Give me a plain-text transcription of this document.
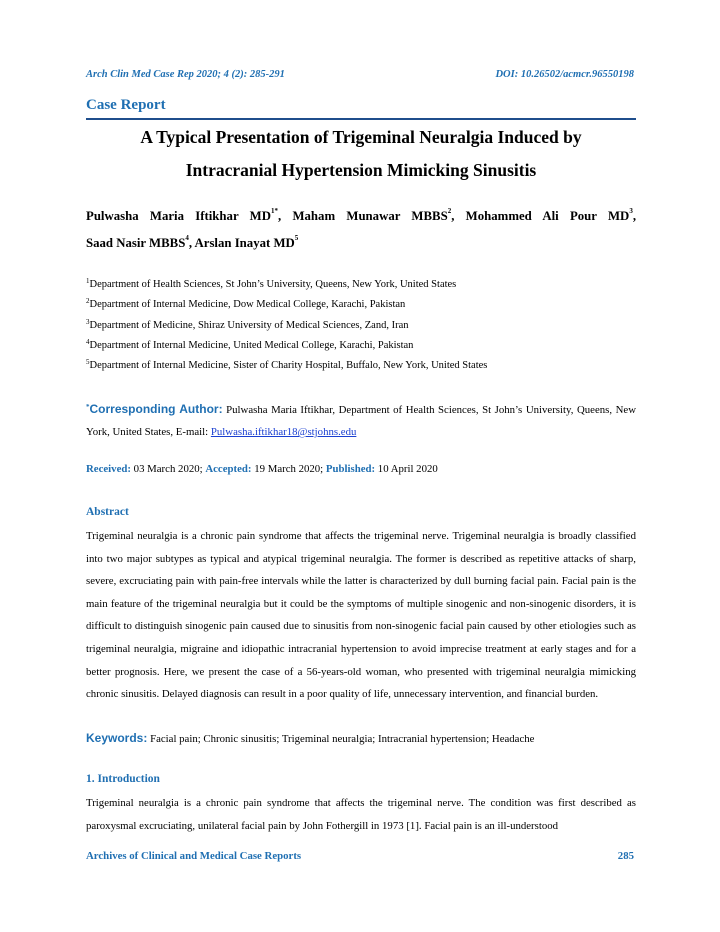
Arch Clin Med Case Rep 2020; 4 (2): 285-291	DOI: 10.26502/acmcr.96550198
Case Report
A Typical Presentation of Trigeminal Neuralgia Induced by
Intracranial Hypertension Mimicking Sinusitis
Pulwasha Maria Iftikhar $MD^{1*}$, Maham Munawar MBBS$^2$, Mohammed Ali Pour $MD^3$,
Saad Nasir MBBS$^4$, Arslan Inayat $MD^5$
$^1$Department of Health Sciences, St John’s University, Queens, New York, United States
$^2$Department of Internal Medicine, Dow Medical College, Karachi, Pakistan
$^3$Department of Medicine, Shiraz University of Medical Sciences, Zand, Iran
$^4$Department of Internal Medicine, United Medical College, Karachi, Pakistan
$^5$Department of Internal Medicine, Sister of Charity Hospital, Buffalo, New York, United States
*Corresponding Author: Pulwasha Maria Iftikhar, Department of Health Sciences, St John’s University, Queens, New York, United States, E-mail: Pulwasha.iftikhar18@stjohns.edu
Received: 03 March 2020; Accepted: 19 March 2020; Published: 10 April 2020
Abstract
Trigeminal neuralgia is a chronic pain syndrome that affects the trigeminal nerve. Trigeminal neuralgia is broadly classified into two major subtypes as typical and atypical trigeminal neuralgia. The former is described as repetitive attacks of sharp, severe, excruciating pain with pain-free intervals while the latter is characterized by dull burning facial pain. Facial pain is the main feature of the trigeminal neuralgia but it could be the symptoms of multiple sinogenic and non-sinogenic disorders, it is difficult to distinguish sinogenic pain caused due to sinusitis from non-sinogenic facial pain caused by other etiologies such as trigeminal neuralgia, migraine and idiopathic intracranial hypertension to avoid imprecise treatment at early stages and for a better prognosis. Here, we present the case of a 56-years-old woman, who presented with trigeminal neuralgia mimicking chronic sinusitis. Delayed diagnosis can result in a poor quality of life, unnecessary intervention, and financial burden.
Keywords: Facial pain; Chronic sinusitis; Trigeminal neuralgia; Intracranial hypertension; Headache
1. Introduction
Trigeminal neuralgia is a chronic pain syndrome that affects the trigeminal nerve. The condition was first described as paroxysmal excruciating, unilateral facial pain by John Fothergill in 1973 [1]. Facial pain is an ill-understood
Archives of Clinical and Medical Case Reports	285
